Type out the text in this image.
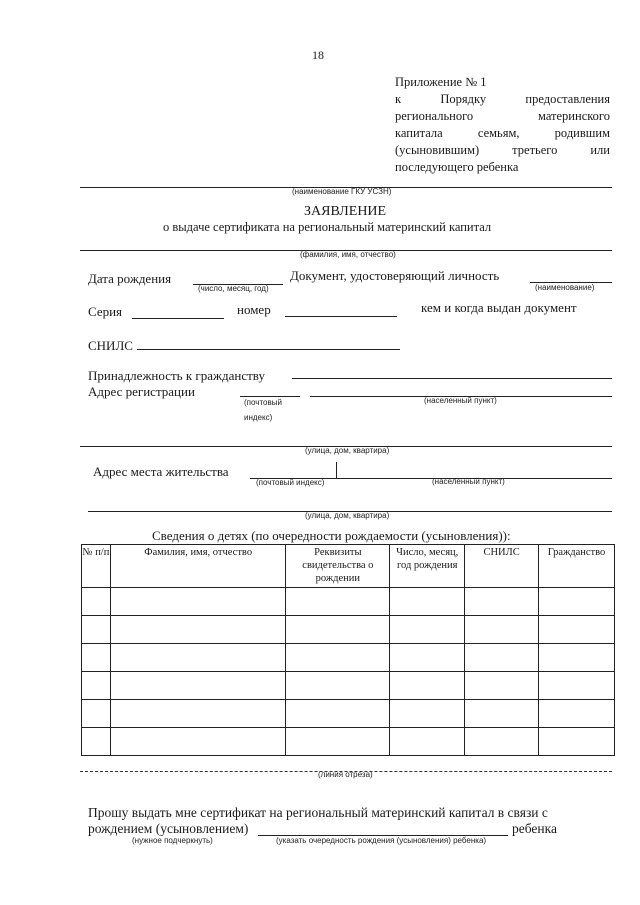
18
Приложение № 1
к Порядку предоставления
регионального материнского
капитала семьям, родившим
(усыновившим) третьего или
последующего ребенка
(наименование ГКУ УСЗН)
ЗАЯВЛЕНИЕ
о выдаче сертификата на региональный материнский капитал
(фамилия, имя, отчество)
Дата рождения
(число, месяц, год)
Документ, удостоверяющий личность
(наименование)
Серия	номер	кем и когда выдан документ
СНИЛС
Принадлежность к гражданству
Адрес регистрации
(почтовый
индекс)
(населенный пункт)
(улица, дом, квартира)
Адрес места жительства
(почтовый индекс)	(населенный пункт)
(улица, дом, квартира)
Сведения о детях (по очередности рождаемости (усыновления)):
№ п/п	Фамилия, имя, отчество	Реквизиты свидетельства о рождении	Число, месяц, год рождения	СНИЛС	Гражданство

(линия отреза)
Прошу выдать мне сертификат на региональный материнский капитал в связи с
рождением (усыновлением)	ребенка
(нужное подчеркнуть)	(указать очередность рождения (усыновления) ребенка)
